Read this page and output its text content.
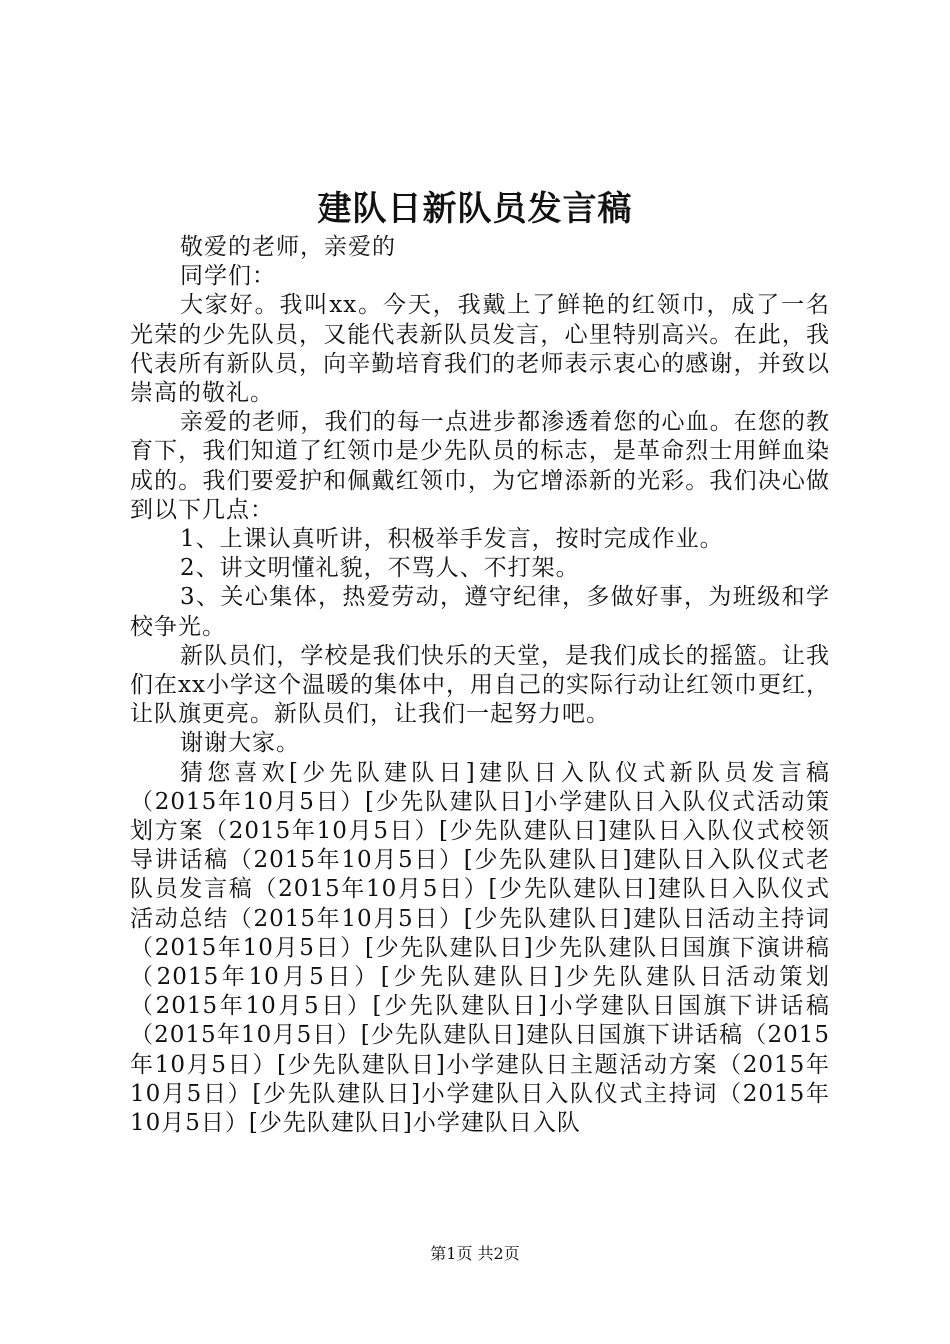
建队日新队员发言稿

敬爱的老师，亲爱的

同学们：

大家好。我叫xx。今天，我戴上了鲜艳的红领巾，成了一名光荣的少先队员，又能代表新队员发言，心里特别高兴。在此，我代表所有新队员，向辛勤培育我们的老师表示衷心的感谢，并致以崇高的敬礼。

亲爱的老师，我们的每一点进步都渗透着您的心血。在您的教育下，我们知道了红领巾是少先队员的标志，是革命烈士用鲜血染成的。我们要爱护和佩戴红领巾，为它增添新的光彩。我们决心做到以下几点：

1、上课认真听讲，积极举手发言，按时完成作业。

2、讲文明懂礼貌，不骂人、不打架。

3、关心集体，热爱劳动，遵守纪律，多做好事，为班级和学校争光。

新队员们，学校是我们快乐的天堂，是我们成长的摇篮。让我们在xx小学这个温暖的集体中，用自己的实际行动让红领巾更红，让队旗更亮。新队员们，让我们一起努力吧。

谢谢大家。

猜您喜欢[少先队建队日]建队日入队仪式新队员发言稿（2015年10月5日）[少先队建队日]小学建队日入队仪式活动策划方案（2015年10月5日）[少先队建队日]建队日入队仪式校领导讲话稿（2015年10月5日）[少先队建队日]建队日入队仪式老队员发言稿（2015年10月5日）[少先队建队日]建队日入队仪式活动总结（2015年10月5日）[少先队建队日]建队日活动主持词（2015年10月5日）[少先队建队日]少先队建队日国旗下演讲稿（2015年10月5日）[少先队建队日]少先队建队日活动策划（2015年10月5日）[少先队建队日]小学建队日国旗下讲话稿（2015年10月5日）[少先队建队日]建队日国旗下讲话稿（2015年10月5日）[少先队建队日]小学建队日主题活动方案（2015年10月5日）[少先队建队日]小学建队日入队仪式主持词（2015年10月5日）[少先队建队日]小学建队日入队

第1页 共2页
